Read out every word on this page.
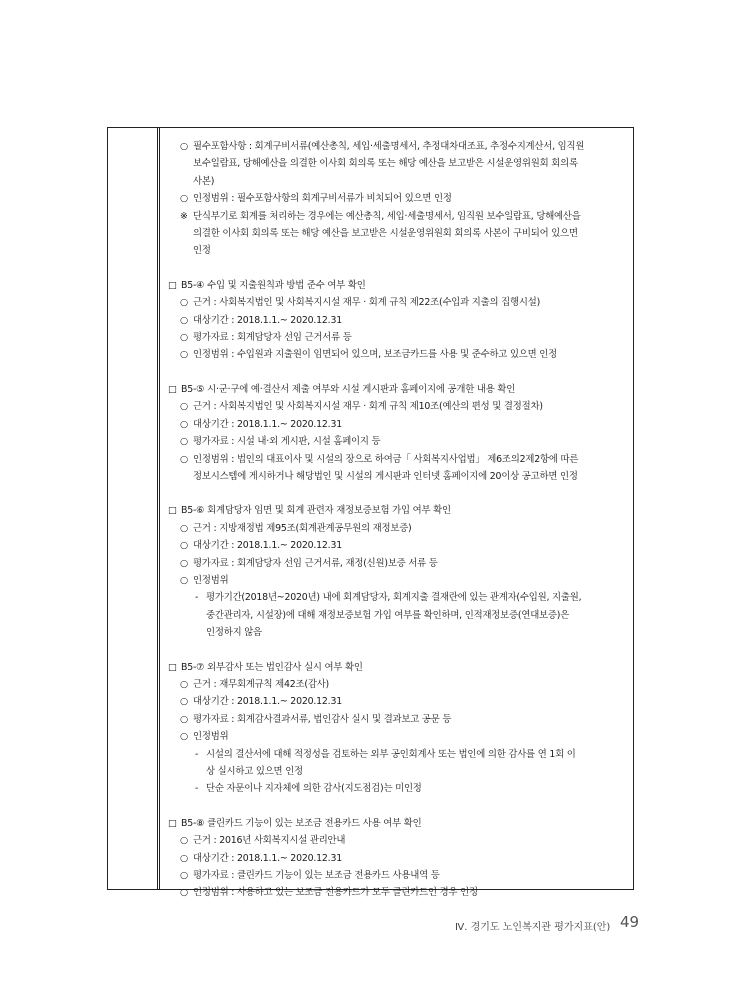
○ 필수포함사항 : 회계구비서류(예산총칙, 세입·세출명세서, 추정대차대조표, 추정수지계산서, 임직원
보수일람표, 당해예산을 의결한 이사회 회의록 또는 해당 예산을 보고받은 시설운영위원회 회의록
사본)
○ 인정범위 : 필수포함사항의 회계구비서류가 비치되어 있으면 인정
※ 단식부기로 회계를 처리하는 경우에는 예산총칙, 세입·세출명세서, 임직원 보수일람표, 당해예산을
의결한 이사회 회의록 또는 해당 예산을 보고받은 시설운영위원회 회의록 사본이 구비되어 있으면
인정
□ B5-④ 수입 및 지출원칙과 방법 준수 여부 확인
○ 근거 : 사회복지법인 및 사회복지시설 재무 · 회계 규칙 제22조(수입과 지출의 집행시설)
○ 대상기간 : 2018.1.1.~ 2020.12.31
○ 평가자료 : 회계담당자 선임 근거서류 등
○ 인정범위 : 수입원과 지출원이 임면되어 있으며, 보조금카드를 사용 및 준수하고 있으면 인정
□ B5-⑤ 시·군·구에 예·결산서 제출 여부와 시설 게시판과 홈페이지에 공개한 내용 확인
○ 근거 : 사회복지법인 및 사회복지시설 재무 · 회계 규칙 제10조(예산의 편성 및 결정절차)
○ 대상기간 : 2018.1.1.~ 2020.12.31
○ 평가자료 : 시설 내·외 게시판, 시설 홈페이지 등
○ 인정범위 : 법인의 대표이사 및 시설의 장으로 하여금「 사회복지사업법」 제6조의2제2항에 따른
정보시스템에 게시하거나 해당법인 및 시설의 게시판과 인터넷 홈페이지에 20이상 공고하면 인정
□ B5-⑥ 회계담당자 임면 및 회계 관련자 재정보증보험 가입 여부 확인
○ 근거 : 지방재정법 제95조(회계관계공무원의 재정보증)
○ 대상기간 : 2018.1.1.~ 2020.12.31
○ 평가자료 : 회계담당자 선임 근거서류, 재정(신원)보증 서류 등
○ 인정범위
- 평가기간(2018년~2020년) 내에 회계담당자, 회계지출 결재란에 있는 관계자(수입원, 지출원,
중간관리자, 시설장)에 대해 재정보증보험 가입 여부를 확인하며, 인적재정보증(연대보증)은
인정하지 않음
□ B5-⑦ 외부감사 또는 법인감사 실시 여부 확인
○ 근거 : 재무회계규칙 제42조(감사)
○ 대상기간 : 2018.1.1.~ 2020.12.31
○ 평가자료 : 회계감사결과서류, 법인감사 실시 및 결과보고 공문 등
○ 인정범위
- 시설의 결산서에 대해 적정성을 검토하는 외부 공인회계사 또는 법인에 의한 감사를 연 1회 이
상 실시하고 있으면 인정
- 단순 자문이나 지자체에 의한 감사(지도점검)는 미인정
□ B5-⑧ 클린카드 기능이 있는 보조금 전용카드 사용 여부 확인
○ 근거 : 2016년 사회복지시설 관리안내
○ 대상기간 : 2018.1.1.~ 2020.12.31
○ 평가자료 : 클린카드 기능이 있는 보조금 전용카드 사용내역 등
○ 인정범위 : 사용하고 있는 보조금 전용카드가 모두 클린카드인 경우 인정
Ⅳ. 경기도 노인복지관 평가지표(안) 49
